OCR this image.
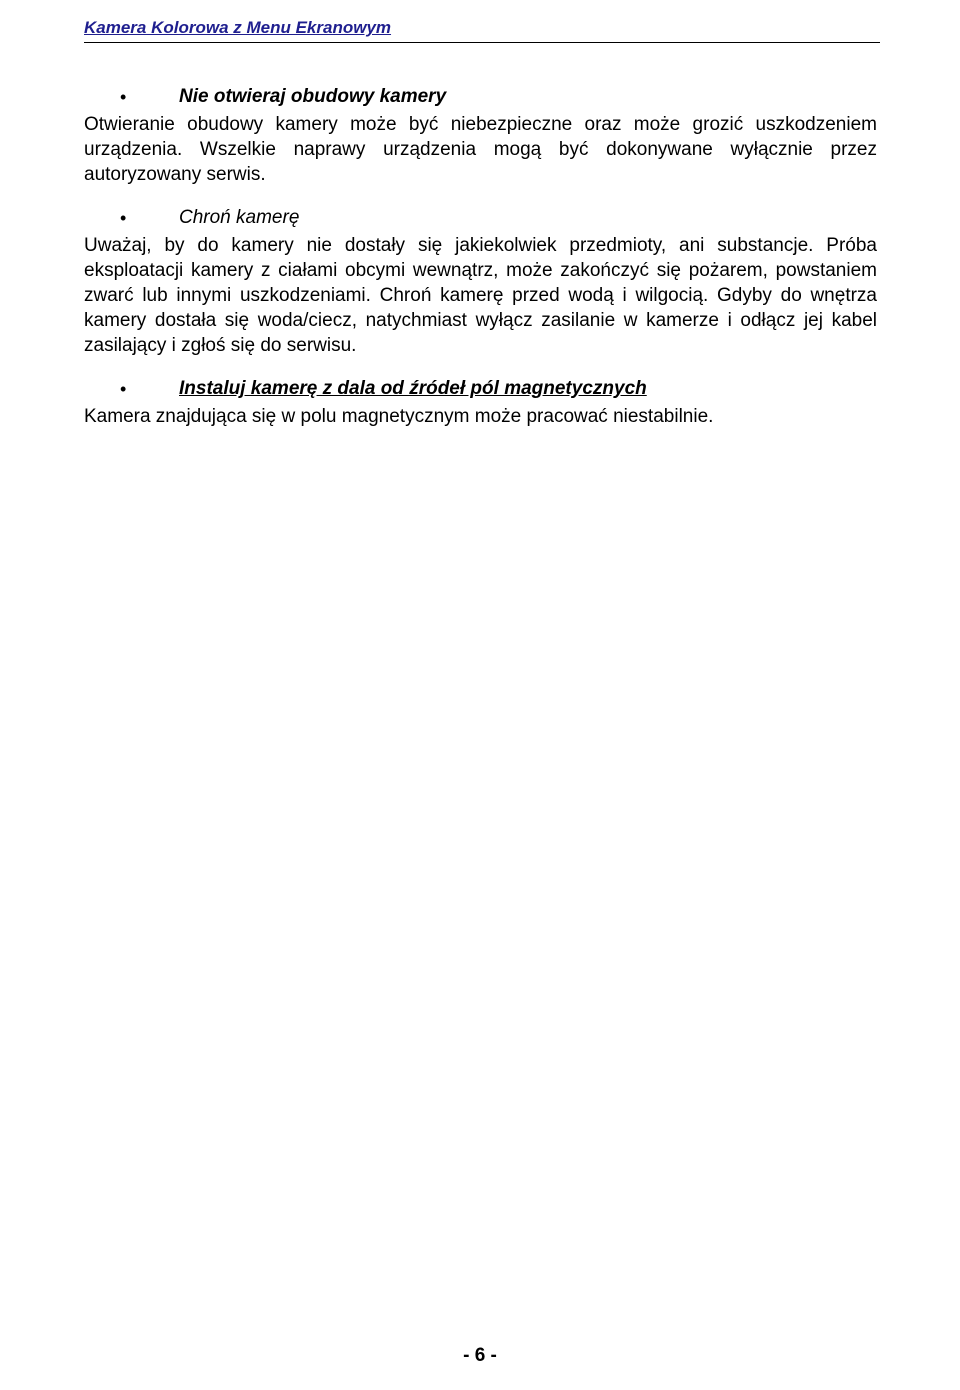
Kamera Kolorowa z Menu Ekranowym
•	Nie otwieraj obudowy kamery
Otwieranie obudowy kamery może być niebezpieczne oraz może grozić uszkodzeniem urządzenia. Wszelkie naprawy urządzenia mogą być dokonywane wyłącznie przez autoryzowany serwis.
•	Chroń kamerę
Uważaj, by do kamery nie dostały się jakiekolwiek przedmioty, ani substancje. Próba eksploatacji kamery z ciałami obcymi wewnątrz, może zakończyć się pożarem, powstaniem zwarć lub innymi uszkodzeniami. Chroń kamerę przed wodą i wilgocią. Gdyby do wnętrza kamery dostała się woda/ciecz, natychmiast wyłącz zasilanie w kamerze i odłącz jej kabel zasilający i zgłoś się do serwisu.
•	Instaluj kamerę z dala od źródeł pól magnetycznych
Kamera znajdująca się w polu magnetycznym może pracować niestabilnie.
- 6 -
